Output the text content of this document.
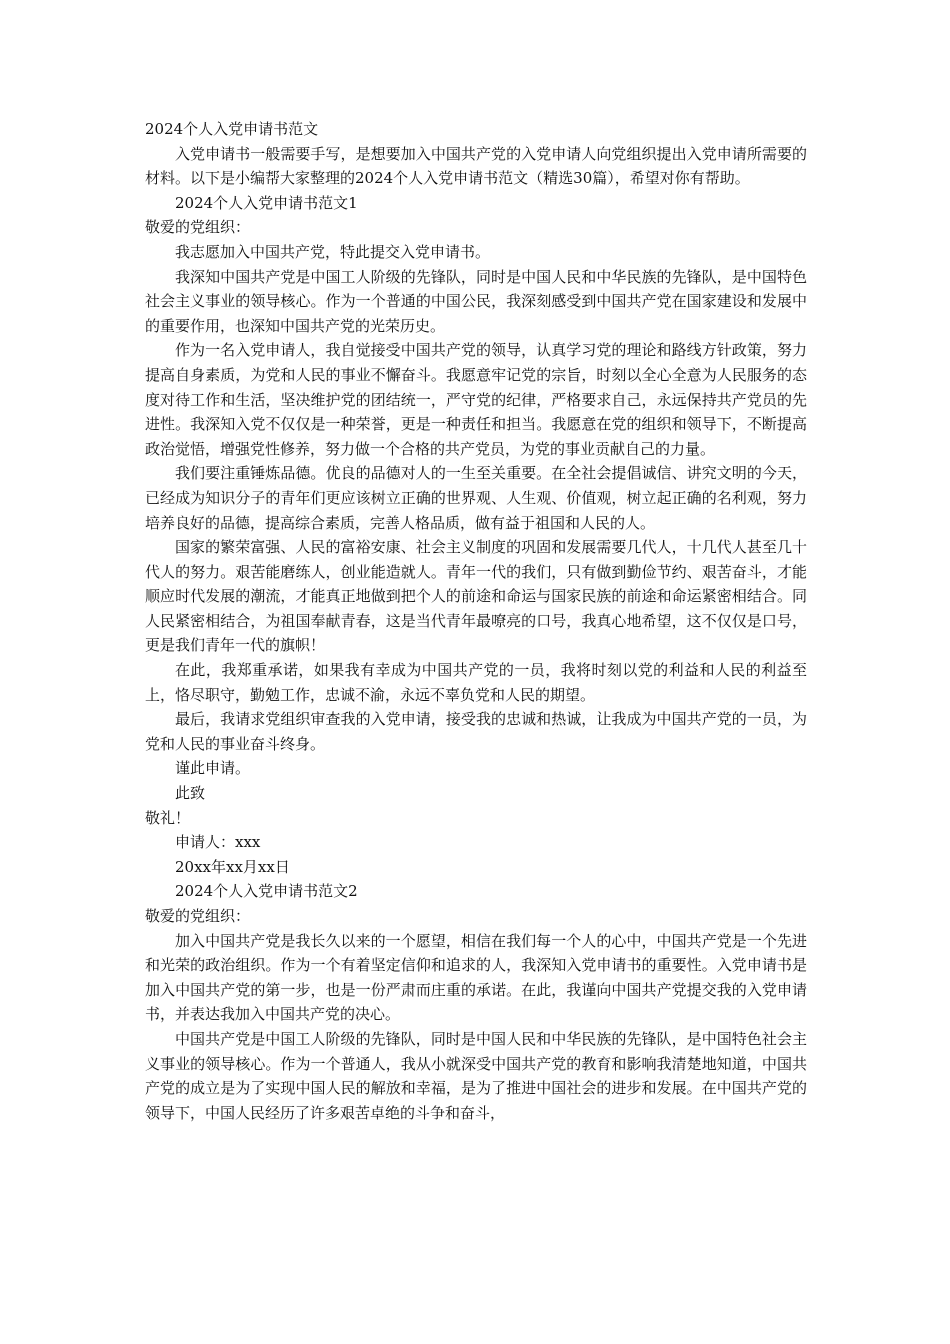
2024个人入党申请书范文

入党申请书一般需要手写，是想要加入中国共产党的入党申请人向党组织提出入党申请所需要的材料。以下是小编帮大家整理的2024个人入党申请书范文（精选30篇），希望对你有帮助。

2024个人入党申请书范文1

敬爱的党组织：

我志愿加入中国共产党，特此提交入党申请书。

我深知中国共产党是中国工人阶级的先锋队，同时是中国人民和中华民族的先锋队，是中国特色社会主义事业的领导核心。作为一个普通的中国公民，我深刻感受到中国共产党在国家建设和发展中的重要作用，也深知中国共产党的光荣历史。

作为一名入党申请人，我自觉接受中国共产党的领导，认真学习党的理论和路线方针政策，努力提高自身素质，为党和人民的事业不懈奋斗。我愿意牢记党的宗旨，时刻以全心全意为人民服务的态度对待工作和生活，坚决维护党的团结统一，严守党的纪律，严格要求自己，永远保持共产党员的先进性。我深知入党不仅仅是一种荣誉，更是一种责任和担当。我愿意在党的组织和领导下，不断提高政治觉悟，增强党性修养，努力做一个合格的共产党员，为党的事业贡献自己的力量。

我们要注重锤炼品德。优良的品德对人的一生至关重要。在全社会提倡诚信、讲究文明的今天，已经成为知识分子的青年们更应该树立正确的世界观、人生观、价值观，树立起正确的名利观，努力培养良好的品德，提高综合素质，完善人格品质，做有益于祖国和人民的人。

国家的繁荣富强、人民的富裕安康、社会主义制度的巩固和发展需要几代人，十几代人甚至几十代人的努力。艰苦能磨练人，创业能造就人。青年一代的我们，只有做到勤俭节约、艰苦奋斗，才能顺应时代发展的潮流，才能真正地做到把个人的前途和命运与国家民族的前途和命运紧密相结合。同人民紧密相结合，为祖国奉献青春，这是当代青年最嘹亮的口号，我真心地希望，这不仅仅是口号，更是我们青年一代的旗帜！

在此，我郑重承诺，如果我有幸成为中国共产党的一员，我将时刻以党的利益和人民的利益至上，恪尽职守，勤勉工作，忠诚不渝，永远不辜负党和人民的期望。

最后，我请求党组织审查我的入党申请，接受我的忠诚和热诚，让我成为中国共产党的一员，为党和人民的事业奋斗终身。

谨此申请。

此致

敬礼！

申请人：xxx

20xx年xx月xx日

2024个人入党申请书范文2

敬爱的党组织：

加入中国共产党是我长久以来的一个愿望，相信在我们每一个人的心中，中国共产党是一个先进和光荣的政治组织。作为一个有着坚定信仰和追求的人，我深知入党申请书的重要性。入党申请书是加入中国共产党的第一步，也是一份严肃而庄重的承诺。在此，我谨向中国共产党提交我的入党申请书，并表达我加入中国共产党的决心。

中国共产党是中国工人阶级的先锋队，同时是中国人民和中华民族的先锋队，是中国特色社会主义事业的领导核心。作为一个普通人，我从小就深受中国共产党的教育和影响我清楚地知道，中国共产党的成立是为了实现中国人民的解放和幸福，是为了推进中国社会的进步和发展。在中国共产党的领导下，中国人民经历了许多艰苦卓绝的斗争和奋斗，
